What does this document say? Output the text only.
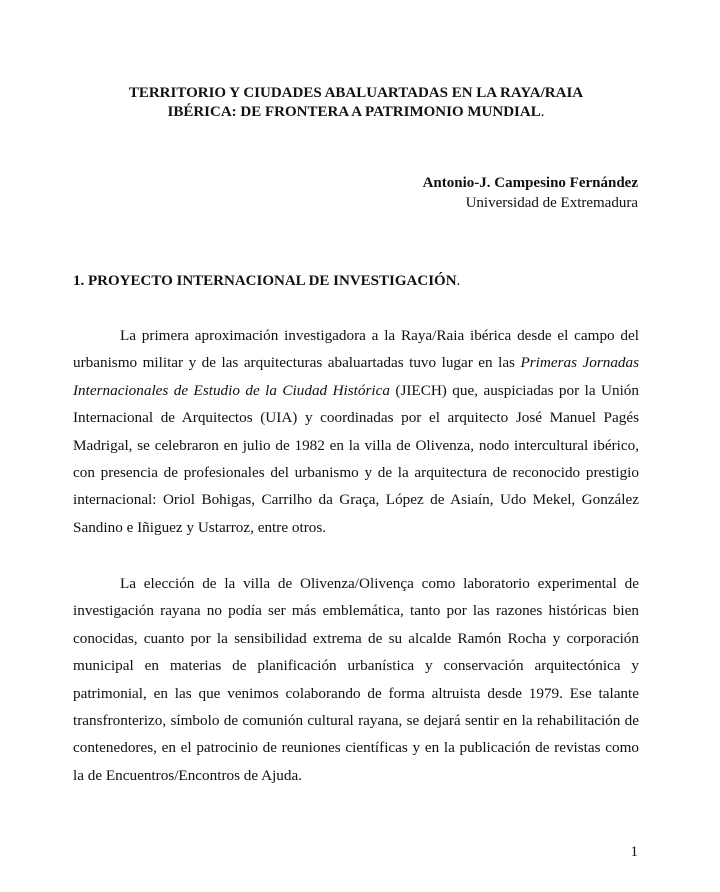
TERRITORIO Y CIUDADES ABALUARTADAS EN LA RAYA/RAIA
IBÉRICA: DE FRONTERA A PATRIMONIO MUNDIAL.
Antonio-J. Campesino Fernández
Universidad de Extremadura
1. PROYECTO INTERNACIONAL DE INVESTIGACIÓN.

La primera aproximación investigadora a la Raya/Raia ibérica desde el campo del urbanismo militar y de las arquitecturas abaluartadas tuvo lugar en las Primeras Jornadas Internacionales de Estudio de la Ciudad Histórica (JIECH) que, auspiciadas por la Unión Internacional de Arquitectos (UIA) y coordinadas por el arquitecto José Manuel Pagés Madrigal, se celebraron en julio de 1982 en la villa de Olivenza, nodo intercultural ibérico, con presencia de profesionales del urbanismo y de la arquitectura de reconocido prestigio internacional: Oriol Bohigas, Carrilho da Graça, López de Asiaín, Udo Mekel, González Sandino e Iñiguez y Ustarroz, entre otros.

La elección de la villa de Olivenza/Olivença como laboratorio experimental de investigación rayana no podía ser más emblemática, tanto por las razones históricas bien conocidas, cuanto por la sensibilidad extrema de su alcalde Ramón Rocha y corporación municipal en materias de planificación urbanística y conservación arquitectónica y patrimonial, en las que venimos colaborando de forma altruista desde 1979. Ese talante transfronterizo, símbolo de comunión cultural rayana, se dejará sentir en la rehabilitación de contenedores, en el patrocinio de reuniones científicas y en la publicación de revistas como la de Encuentros/Encontros de Ajuda.

1
